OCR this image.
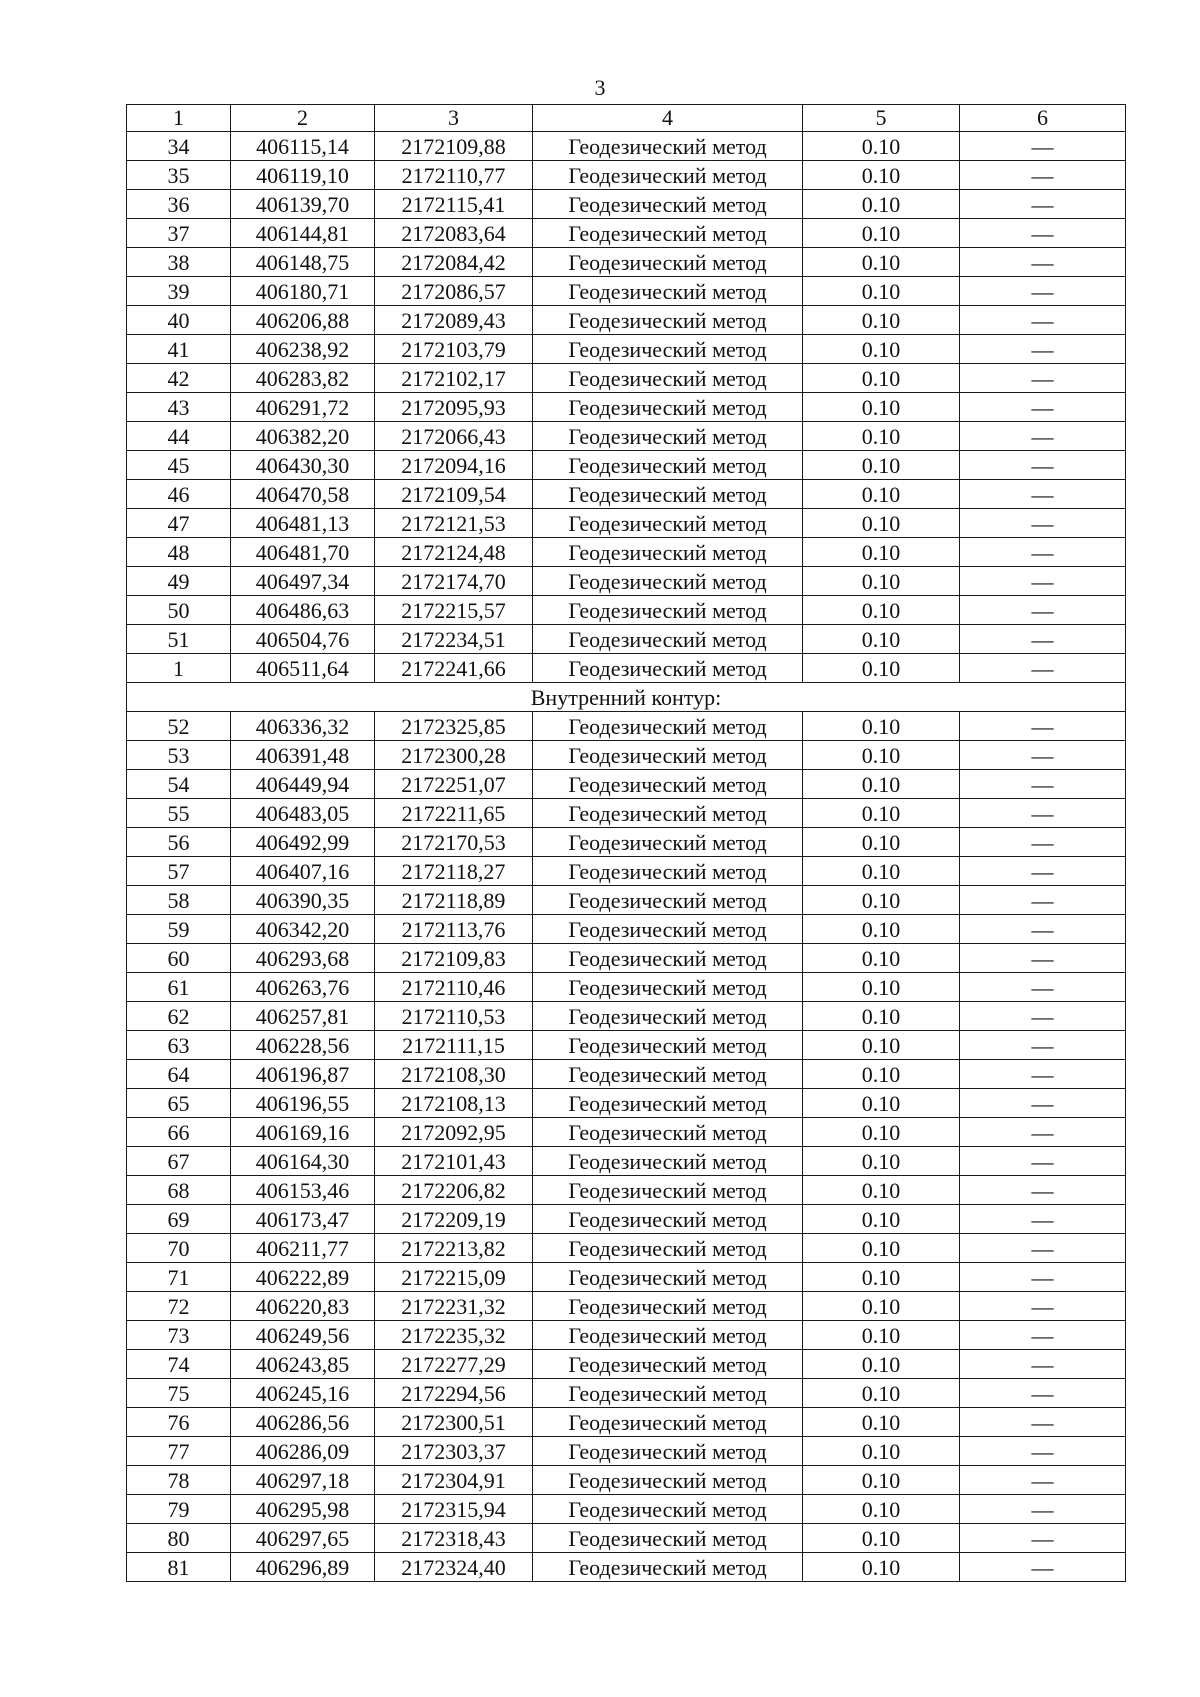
3
1	2	3	4	5	6
34	406115,14	2172109,88	Геодезический метод	0.10	—
35	406119,10	2172110,77	Геодезический метод	0.10	—
36	406139,70	2172115,41	Геодезический метод	0.10	—
37	406144,81	2172083,64	Геодезический метод	0.10	—
38	406148,75	2172084,42	Геодезический метод	0.10	—
39	406180,71	2172086,57	Геодезический метод	0.10	—
40	406206,88	2172089,43	Геодезический метод	0.10	—
41	406238,92	2172103,79	Геодезический метод	0.10	—
42	406283,82	2172102,17	Геодезический метод	0.10	—
43	406291,72	2172095,93	Геодезический метод	0.10	—
44	406382,20	2172066,43	Геодезический метод	0.10	—
45	406430,30	2172094,16	Геодезический метод	0.10	—
46	406470,58	2172109,54	Геодезический метод	0.10	—
47	406481,13	2172121,53	Геодезический метод	0.10	—
48	406481,70	2172124,48	Геодезический метод	0.10	—
49	406497,34	2172174,70	Геодезический метод	0.10	—
50	406486,63	2172215,57	Геодезический метод	0.10	—
51	406504,76	2172234,51	Геодезический метод	0.10	—
1	406511,64	2172241,66	Геодезический метод	0.10	—
Внутренний контур:					
52	406336,32	2172325,85	Геодезический метод	0.10	—
53	406391,48	2172300,28	Геодезический метод	0.10	—
54	406449,94	2172251,07	Геодезический метод	0.10	—
55	406483,05	2172211,65	Геодезический метод	0.10	—
56	406492,99	2172170,53	Геодезический метод	0.10	—
57	406407,16	2172118,27	Геодезический метод	0.10	—
58	406390,35	2172118,89	Геодезический метод	0.10	—
59	406342,20	2172113,76	Геодезический метод	0.10	—
60	406293,68	2172109,83	Геодезический метод	0.10	—
61	406263,76	2172110,46	Геодезический метод	0.10	—
62	406257,81	2172110,53	Геодезический метод	0.10	—
63	406228,56	2172111,15	Геодезический метод	0.10	—
64	406196,87	2172108,30	Геодезический метод	0.10	—
65	406196,55	2172108,13	Геодезический метод	0.10	—
66	406169,16	2172092,95	Геодезический метод	0.10	—
67	406164,30	2172101,43	Геодезический метод	0.10	—
68	406153,46	2172206,82	Геодезический метод	0.10	—
69	406173,47	2172209,19	Геодезический метод	0.10	—
70	406211,77	2172213,82	Геодезический метод	0.10	—
71	406222,89	2172215,09	Геодезический метод	0.10	—
72	406220,83	2172231,32	Геодезический метод	0.10	—
73	406249,56	2172235,32	Геодезический метод	0.10	—
74	406243,85	2172277,29	Геодезический метод	0.10	—
75	406245,16	2172294,56	Геодезический метод	0.10	—
76	406286,56	2172300,51	Геодезический метод	0.10	—
77	406286,09	2172303,37	Геодезический метод	0.10	—
78	406297,18	2172304,91	Геодезический метод	0.10	—
79	406295,98	2172315,94	Геодезический метод	0.10	—
80	406297,65	2172318,43	Геодезический метод	0.10	—
81	406296,89	2172324,40	Геодезический метод	0.10	—
